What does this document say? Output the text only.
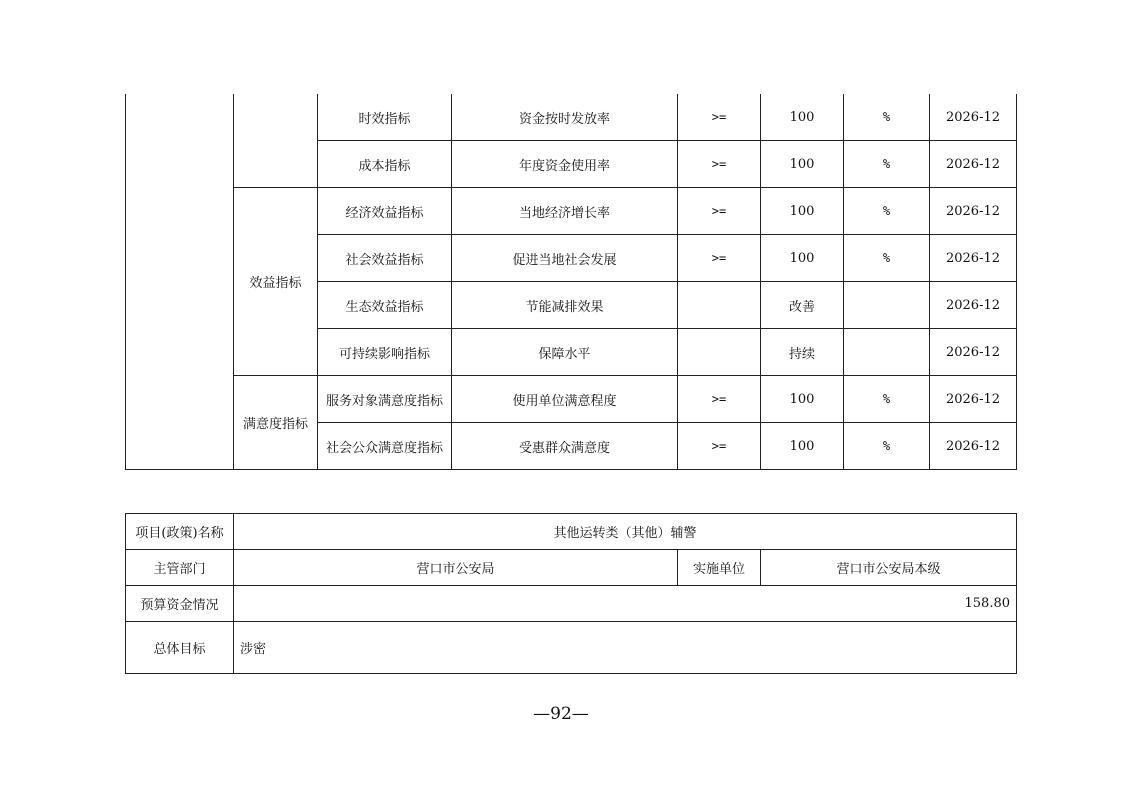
		时效指标	资金按时发放率	>=	100	%	2026-12
		成本指标	年度资金使用率	>=	100	%	2026-12
	效益指标	经济效益指标	当地经济增长率	>=	100	%	2026-12
		社会效益指标	促进当地社会发展	>=	100	%	2026-12
		生态效益指标	节能减排效果		改善		2026-12
		可持续影响指标	保障水平		持续		2026-12
	满意度指标	服务对象满意度指标	使用单位满意程度	>=	100	%	2026-12
		社会公众满意度指标	受惠群众满意度	>=	100	%	2026-12
项目(政策)名称	其他运转类（其他）辅警		
主管部门	营口市公安局	实施单位	营口市公安局本级
预算资金情况	158.80		
总体目标	涉密		
—92—
